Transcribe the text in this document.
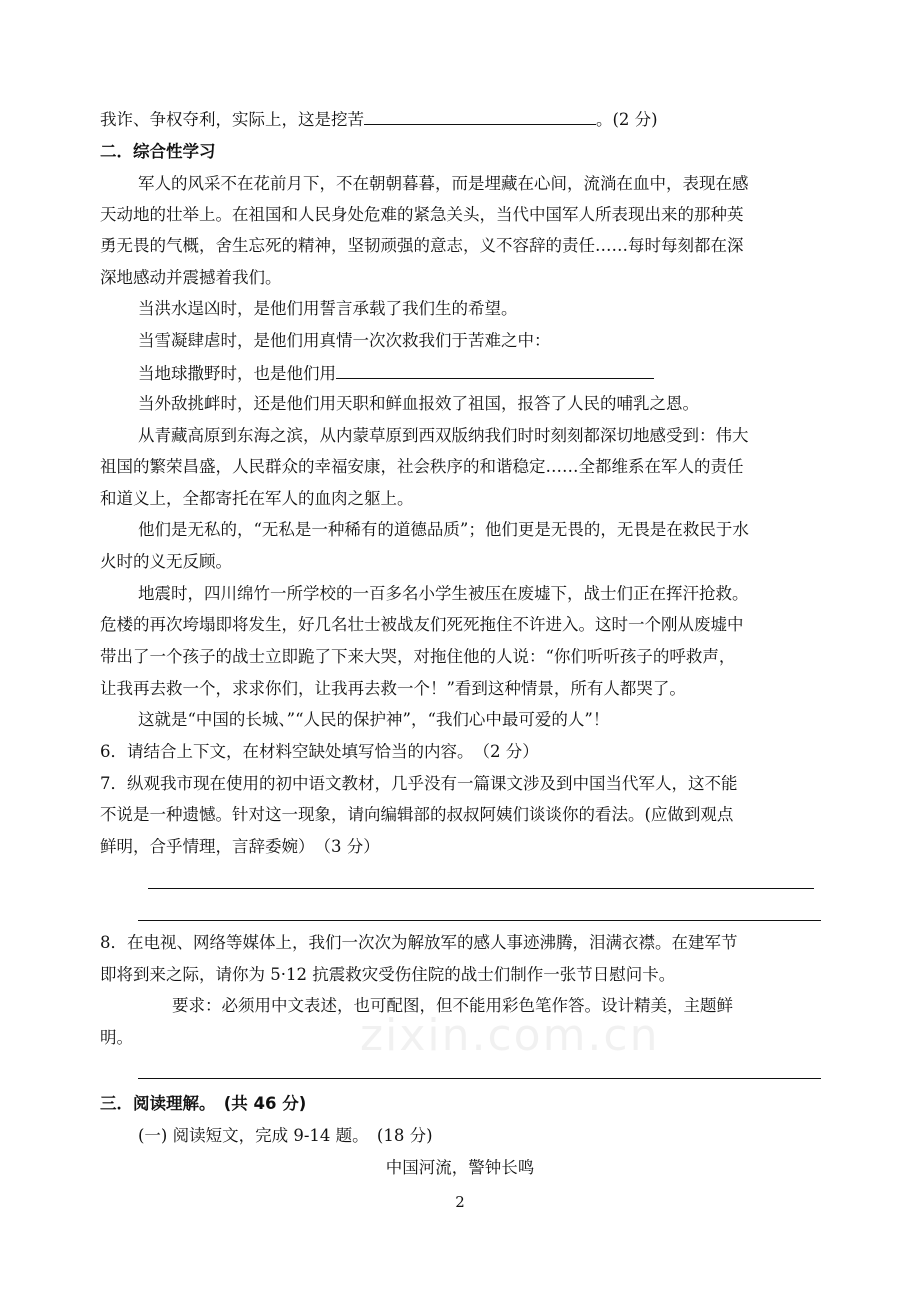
我诈、争权夺利，实际上，这是挖苦	。(2 分)
二．综合性学习
军人的风采不在花前月下，不在朝朝暮暮，而是埋藏在心间，流淌在血中，表现在感
天动地的壮举上。在祖国和人民身处危难的紧急关头，当代中国军人所表现出来的那种英
勇无畏的气概，舍生忘死的精神，坚韧顽强的意志，义不容辞的责任……每时每刻都在深
深地感动并震撼着我们。
当洪水逞凶时，是他们用誓言承载了我们生的希望。
当雪凝肆虐时，是他们用真情一次次救我们于苦难之中：
当地球撒野时，也是他们用
当外敌挑衅时，还是他们用天职和鲜血报效了祖国，报答了人民的哺乳之恩。
从青藏高原到东海之滨，从内蒙草原到西双版纳我们时时刻刻都深切地感受到：伟大
祖国的繁荣昌盛，人民群众的幸福安康，社会秩序的和谐稳定……全都维系在军人的责任
和道义上，全都寄托在军人的血肉之躯上。
他们是无私的，“无私是一种稀有的道德品质”；他们更是无畏的，无畏是在救民于水
火时的义无反顾。
地震时，四川绵竹一所学校的一百多名小学生被压在废墟下，战士们正在挥汗抢救。
危楼的再次垮塌即将发生，好几名壮士被战友们死死拖住不许进入。这时一个刚从废墟中
带出了一个孩子的战士立即跪了下来大哭，对拖住他的人说：“你们听听孩子的呼救声，
让我再去救一个，求求你们，让我再去救一个！”看到这种情景，所有人都哭了。
这就是“中国的长城、”“人民的保护神”，“我们心中最可爱的人”！
6．请结合上下文，在材料空缺处填写恰当的内容。　（2 分）
7．纵观我市现在使用的初中语文教材，几乎没有一篇课文涉及到中国当代军人，这不能
不说是一种遗憾。针对这一现象，请向编辑部的叔叔阿姨们谈谈你的看法。(应做到观点
鲜明，合乎情理，言辞委婉）　（3 分）
8．在电视、网络等媒体上，我们一次次为解放军的感人事迹沸腾，泪满衣襟。在建军节
即将到来之际，请你为 5·12 抗震救灾受伤住院的战士们制作一张节日慰问卡。
要求：必须用中文表述，也可配图，但不能用彩色笔作答。设计精美，主题鲜
明。	zixin.com.cn
三．阅读理解。　(共 46 分)
(一) 阅读短文，完成 9-14 题。　(18 分)
中国河流，警钟长鸣
2
